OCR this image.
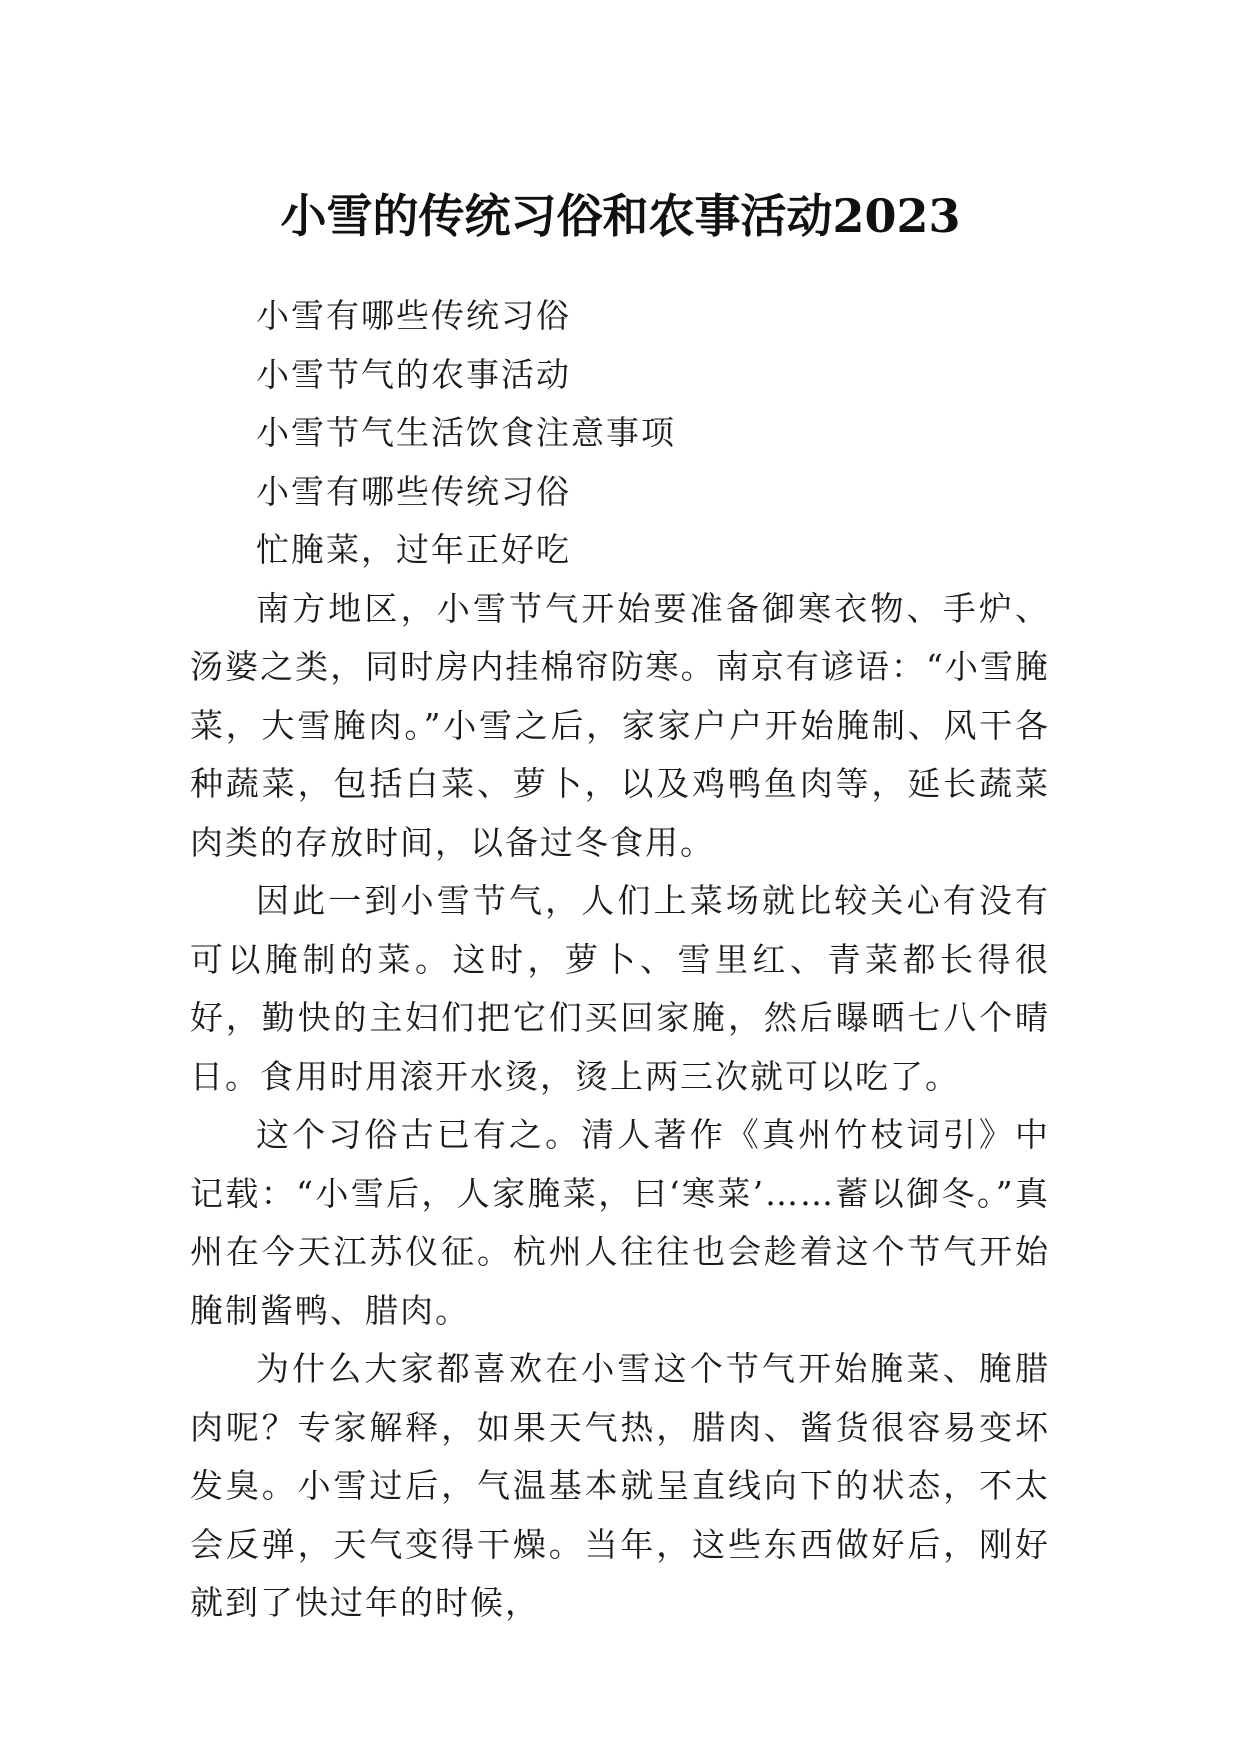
小雪的传统习俗和农事活动2023

小雪有哪些传统习俗

小雪节气的农事活动

小雪节气生活饮食注意事项

小雪有哪些传统习俗

忙腌菜，过年正好吃

南方地区，小雪节气开始要准备御寒衣物、手炉、汤婆之类，同时房内挂棉帘防寒。南京有谚语：“小雪腌菜，大雪腌肉。”小雪之后，家家户户开始腌制、风干各种蔬菜，包括白菜、萝卜，以及鸡鸭鱼肉等，延长蔬菜肉类的存放时间，以备过冬食用。

因此一到小雪节气，人们上菜场就比较关心有没有可以腌制的菜。这时，萝卜、雪里红、青菜都长得很好，勤快的主妇们把它们买回家腌，然后曝晒七八个晴日。食用时用滚开水烫，烫上两三次就可以吃了。

这个习俗古已有之。清人著作《真州竹枝词引》中记载：“小雪后，人家腌菜，曰‘寒菜’……蓄以御冬。”真州在今天江苏仪征。杭州人往往也会趁着这个节气开始腌制酱鸭、腊肉。

为什么大家都喜欢在小雪这个节气开始腌菜、腌腊肉呢？专家解释，如果天气热，腊肉、酱货很容易变坏发臭。小雪过后，气温基本就呈直线向下的状态，不太会反弹，天气变得干燥。当年，这些东西做好后，刚好就到了快过年的时候，
